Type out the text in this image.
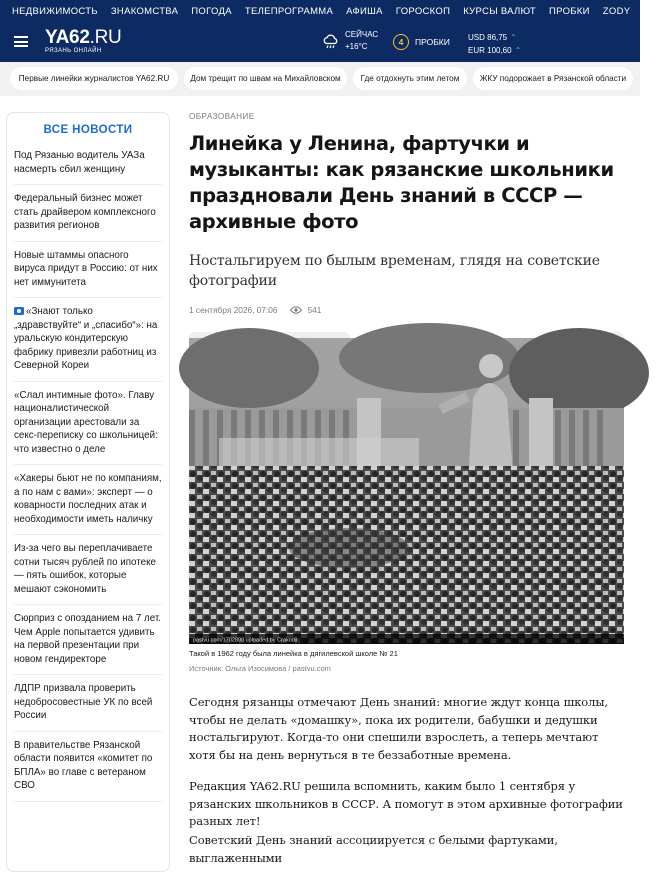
НЕДВИЖИМОСТЬ ЗНАКОМСТВА ПОГОДА ТЕЛЕПРОГРАММА АФИША ГОРОСКОП КУРСЫ ВАЛЮТ ПРОБКИ ZODY ИГРЫ
YA62.RU
РЯЗАНЬ ОНЛАЙН
СЕЙЧАС
+16°C	4	ПРОБКИ USD 86,75 ⌃
EUR 100,60 ⌃
Первые линейки журналистов YA62.RU	Дом трещит по швам на Михайловском	Где отдохнуть этим летом	ЖКУ подорожает в Рязанской области
ВСЕ НОВОСТИ
Под Рязанью водитель УАЗа насмерть сбил женщину
Федеральный бизнес может стать драйвером комплексного развития регионов
Новые штаммы опасного вируса придут в Россию: от них нет иммунитета
«Знают только „здравствуйте“ и „спасибо“»: на уральскую кондитерскую фабрику привезли работниц из Северной Кореи
«Слал интимные фото». Главу националистической организации арестовали за секс-переписку со школьницей: что известно о деле
«Хакеры бьют не по компаниям, а по нам с вами»: эксперт — о коварности последних атак и необходимости иметь наличку
Из-за чего вы переплачиваете сотни тысяч рублей по ипотеке — пять ошибок, которые мешают сэкономить
Сюрприз с опозданием на 7 лет. Чем Apple попытается удивить на первой презентации при новом гендиректоре
ЛДПР призвала проверить недобросовестные УК по всей России
В правительстве Рязанской области появится «комитет по БПЛА» во главе с ветераном СВО
ОБРАЗОВАНИЕ
Линейка у Ленина, фартучки и музыканты: как рязанские школьники праздновали День знаний в СССР — архивные фото
Ностальгируем по былым временам, глядя на советские фотографии
1 сентября 2026, 07:06	541
pastvu.com/1702800 uploaded by Crakodil
Такой в 1962 году была линейка в дягилевской школе № 21
Источник: Ольга Изосимова / pastvu.com

Сегодня рязанцы отмечают День знаний: многие ждут конца школы, чтобы не делать «домашку», пока их родители, бабушки и дедушки ностальгируют. Когда-то они спешили взрослеть, а теперь мечтают хотя бы на день вернуться в те беззаботные времена.

Редакция YA62.RU решила вспомнить, каким было 1 сентября у рязанских школьников в СССР. А помогут в этом архивные фотографии разных лет!

Советский День знаний ассоциируется с белыми фартуками, выглаженными
